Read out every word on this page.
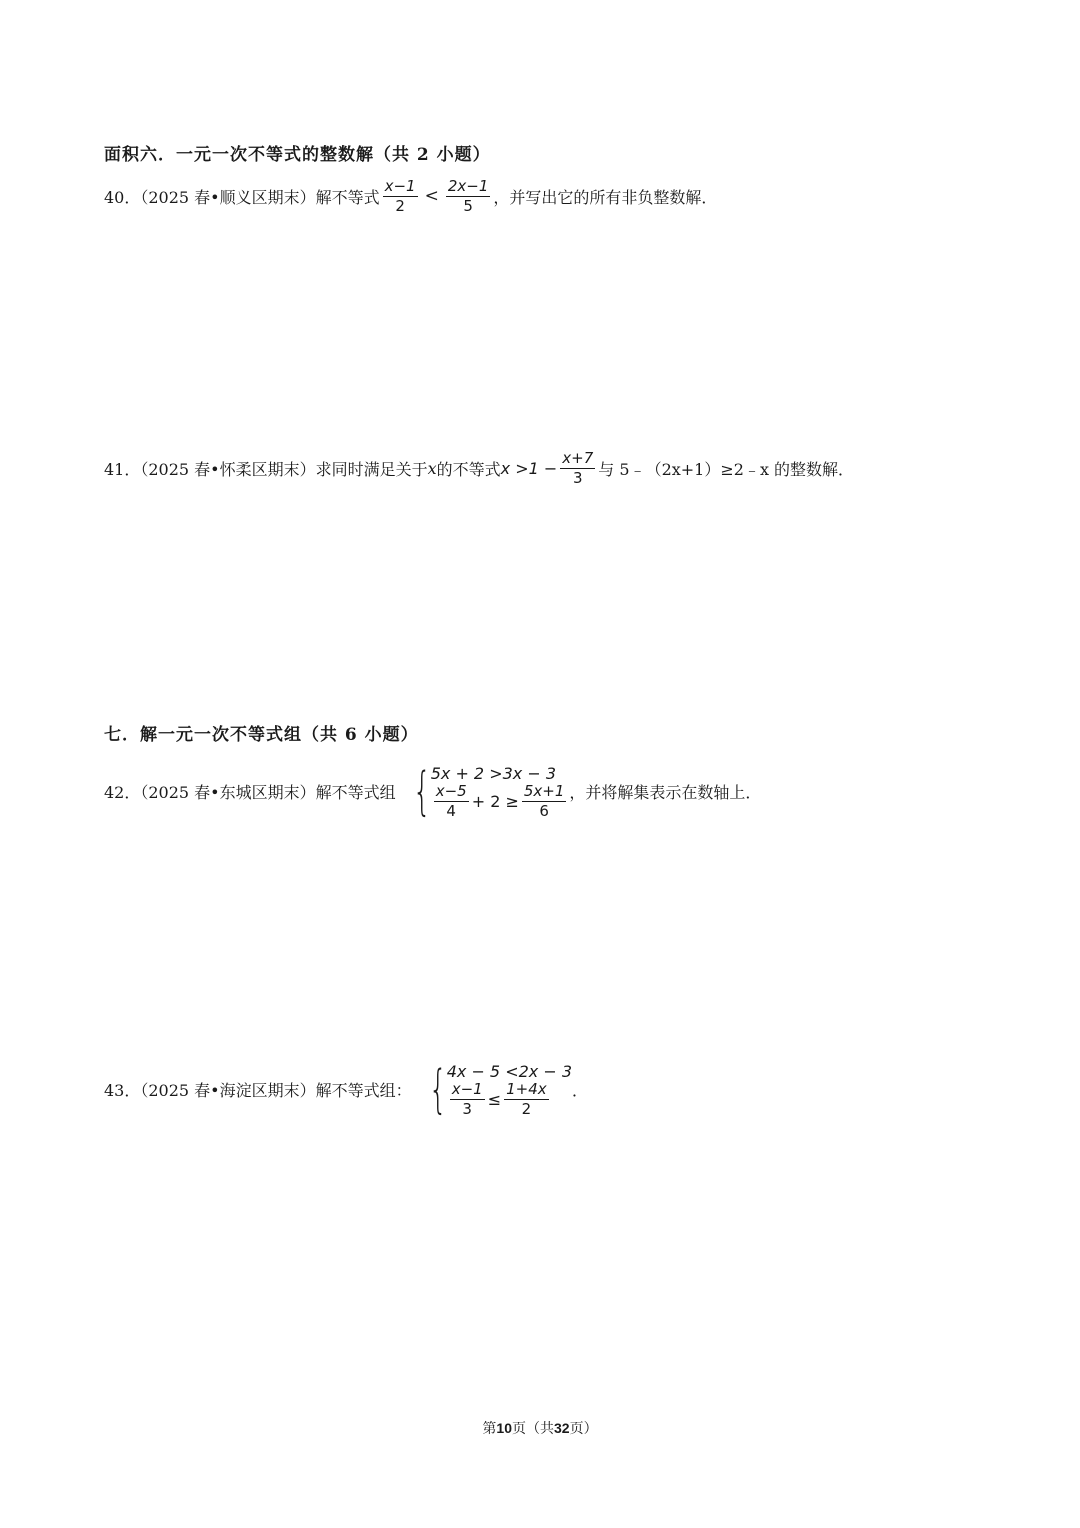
面积六．一元一次不等式的整数解（共 2 小题）
40．（2025 春•顺义区期末）解不等式 $\frac{x-1}{2} < \frac{2x-1}{5}$ ，并写出它的所有非负整数解．
41．（2025 春•怀柔区期末）求同时满足关于 x 的不等式 $x >1 - \frac{x+7}{3}$ 与 5﹣（2x+1）≥2﹣x 的整数解．
七．解一元一次不等式组（共 6 小题）
42．（2025 春•东城区期末）解不等式组 { 5x + 2 >3x − 3
$\frac{x-5}{4} + 2 \ge \frac{5x+1}{6}$ ，并将解集表示在数轴上．
43．（2025 春•海淀区期末）解不等式组： { 4x − 5 <2x − 3
$\frac{x-1}{3} \le \frac{1+4x}{2}$ ．
第10页（共32页）
